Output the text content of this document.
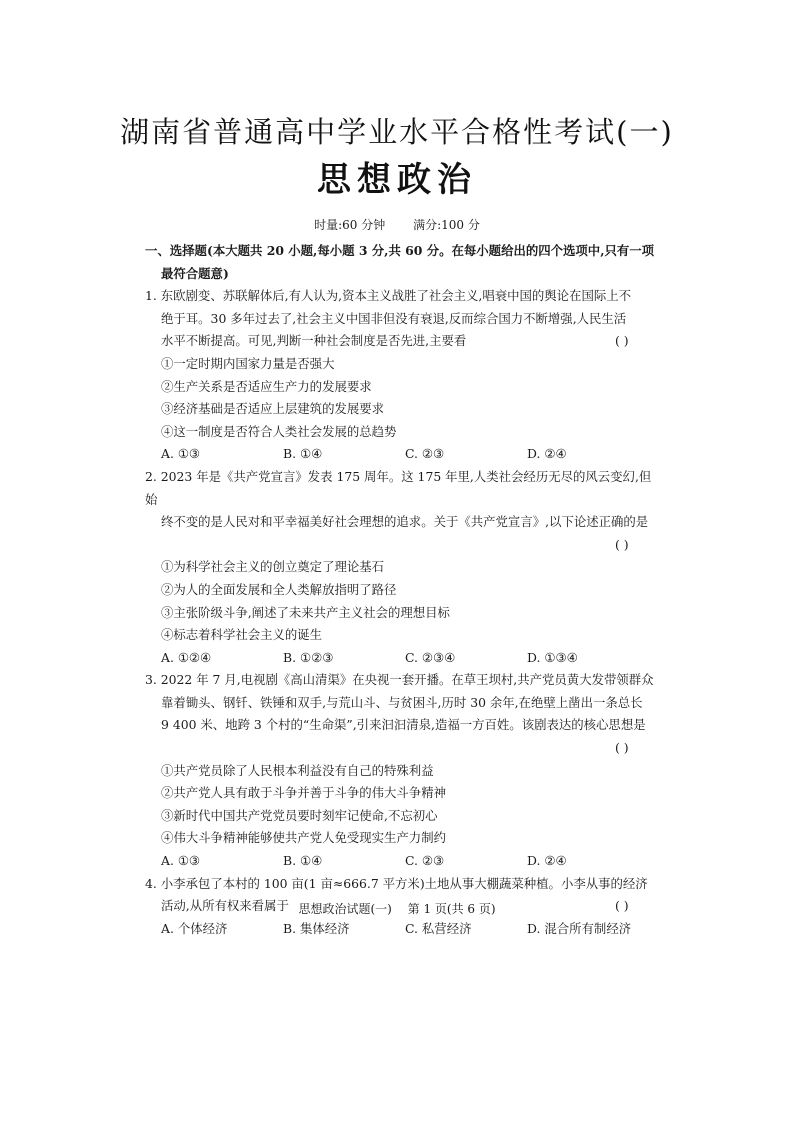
湖南省普通高中学业水平合格性考试(一)
思想政治
时量:60 分钟 满分:100 分
一、选择题(本大题共 20 小题,每小题 3 分,共 60 分。在每小题给出的四个选项中,只有一项
最符合题意)
1. 东欧剧变、苏联解体后,有人认为,资本主义战胜了社会主义,唱衰中国的舆论在国际上不
绝于耳。30 多年过去了,社会主义中国非但没有衰退,反而综合国力不断增强,人民生活
( )
水平不断提高。可见,判断一种社会制度是否先进,主要看
①一定时期内国家力量是否强大
②生产关系是否适应生产力的发展要求
③经济基础是否适应上层建筑的发展要求
④这一制度是否符合人类社会发展的总趋势
A. ①③	B. ①④	C. ②③	D. ②④
2. 2023 年是《共产党宣言》发表 175 周年。这 175 年里,人类社会经历无尽的风云变幻,但始
终不变的是人民对和平幸福美好社会理想的追求。关于《共产党宣言》,以下论述正确的是
( )

①为科学社会主义的创立奠定了理论基石
②为人的全面发展和全人类解放指明了路径
③主张阶级斗争,阐述了未来共产主义社会的理想目标
④标志着科学社会主义的诞生
A. ①②④	B. ①②③	C. ②③④	D. ①③④
3. 2022 年 7 月,电视剧《高山清渠》在央视一套开播。在草王坝村,共产党员黄大发带领群众
靠着锄头、钢钎、铁锤和双手,与荒山斗、与贫困斗,历时 30 余年,在绝壁上凿出一条总长
9 400 米、地跨 3 个村的“生命渠”,引来汩汩清泉,造福一方百姓。该剧表达的核心思想是
( )

①共产党员除了人民根本利益没有自己的特殊利益
②共产党人具有敢于斗争并善于斗争的伟大斗争精神
③新时代中国共产党党员要时刻牢记使命,不忘初心
④伟大斗争精神能够使共产党人免受现实生产力制约
A. ①③	B. ①④	C. ②③	D. ②④
4. 小李承包了本村的 100 亩(1 亩≈666.7 平方米)土地从事大棚蔬菜种植。小李从事的经济
( )
活动,从所有权来看属于
A. 个体经济	B. 集体经济	C. 私营经济	D. 混合所有制经济
思想政治试题(一) 第 1 页(共 6 页)
